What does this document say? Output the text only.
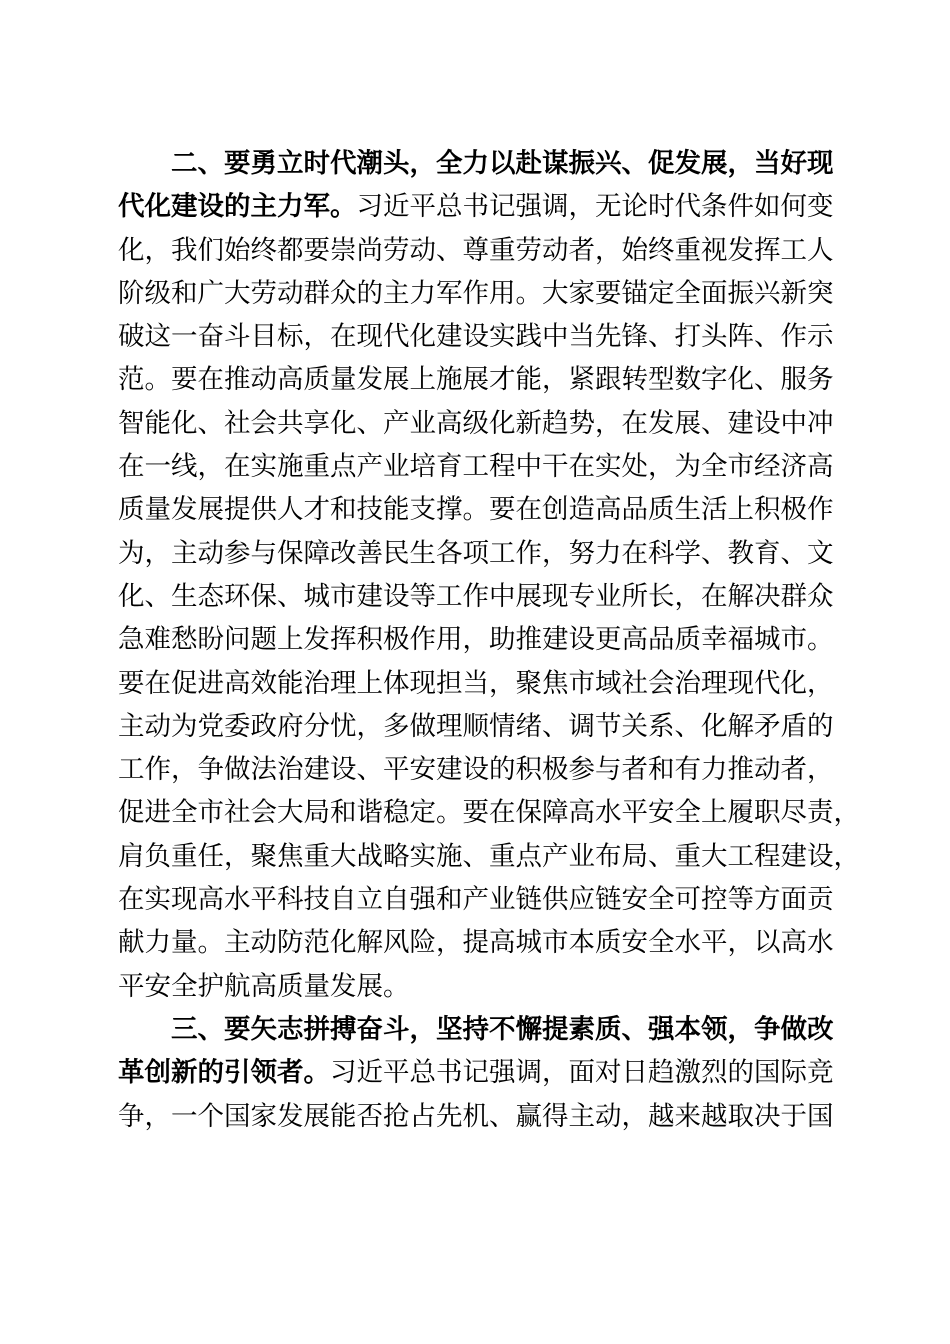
二、要勇立时代潮头，全力以赴谋振兴、促发展，当好现
代化建设的主力军。习近平总书记强调，无论时代条件如何变
化，我们始终都要崇尚劳动、尊重劳动者，始终重视发挥工人
阶级和广大劳动群众的主力军作用。大家要锚定全面振兴新突
破这一奋斗目标，在现代化建设实践中当先锋、打头阵、作示
范。要在推动高质量发展上施展才能，紧跟转型数字化、服务
智能化、社会共享化、产业高级化新趋势，在发展、建设中冲
在一线，在实施重点产业培育工程中干在实处，为全市经济高
质量发展提供人才和技能支撑。要在创造高品质生活上积极作
为，主动参与保障改善民生各项工作，努力在科学、教育、文
化、生态环保、城市建设等工作中展现专业所长，在解决群众
急难愁盼问题上发挥积极作用，助推建设更高品质幸福城市。
要在促进高效能治理上体现担当，聚焦市域社会治理现代化，
主动为党委政府分忧，多做理顺情绪、调节关系、化解矛盾的
工作，争做法治建设、平安建设的积极参与者和有力推动者，
促进全市社会大局和谐稳定。要在保障高水平安全上履职尽责，
肩负重任，聚焦重大战略实施、重点产业布局、重大工程建设，
在实现高水平科技自立自强和产业链供应链安全可控等方面贡
献力量。主动防范化解风险，提高城市本质安全水平，以高水
平安全护航高质量发展。
三、要矢志拼搏奋斗，坚持不懈提素质、强本领，争做改
革创新的引领者。习近平总书记强调，面对日趋激烈的国际竞
争，一个国家发展能否抢占先机、赢得主动，越来越取决于国
